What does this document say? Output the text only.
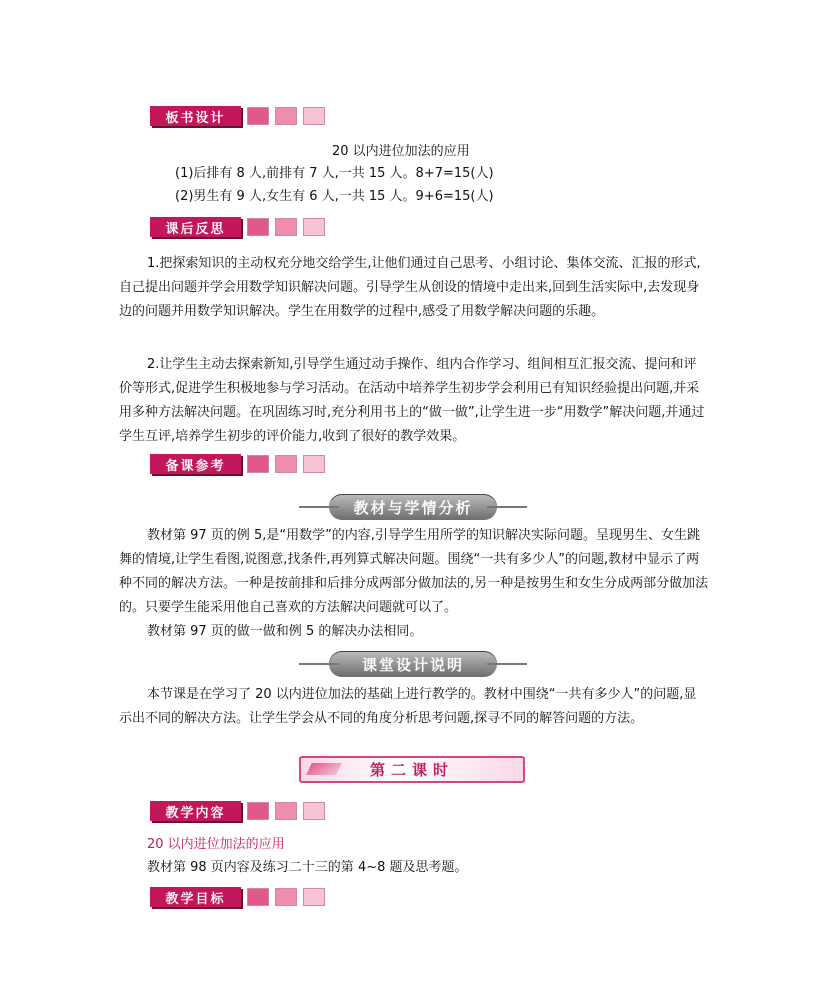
板书设计
20 以内进位加法的应用
(1)后排有 8 人,前排有 7 人,一共 15 人。8+7=15(人)
(2)男生有 9 人,女生有 6 人,一共 15 人。9+6=15(人)
课后反思
1.把探索知识的主动权充分地交给学生,让他们通过自己思考、小组讨论、集体交流、汇报的形式,自己提出问题并学会用数学知识解决问题。引导学生从创设的情境中走出来,回到生活实际中,去发现身边的问题并用数学知识解决。学生在用数学的过程中,感受了用数学解决问题的乐趣。
2.让学生主动去探索新知,引导学生通过动手操作、组内合作学习、组间相互汇报交流、提问和评价等形式,促进学生积极地参与学习活动。在活动中培养学生初步学会利用已有知识经验提出问题,并采用多种方法解决问题。在巩固练习时,充分利用书上的“做一做”,让学生进一步“用数学”解决问题,并通过学生互评,培养学生初步的评价能力,收到了很好的教学效果。
备课参考
教材与学情分析
教材第 97 页的例 5,是“用数学”的内容,引导学生用所学的知识解决实际问题。呈现男生、女生跳舞的情境,让学生看图,说图意,找条件,再列算式解决问题。围绕“一共有多少人”的问题,教材中显示了两种不同的解决方法。一种是按前排和后排分成两部分做加法的,另一种是按男生和女生分成两部分做加法的。只要学生能采用他自己喜欢的方法解决问题就可以了。
教材第 97 页的做一做和例 5 的解决办法相同。
课堂设计说明
本节课是在学习了 20 以内进位加法的基础上进行教学的。教材中围绕“一共有多少人”的问题,显示出不同的解决方法。让学生学会从不同的角度分析思考问题,探寻不同的解答问题的方法。
第二课时
教学内容
20 以内进位加法的应用
教材第 98 页内容及练习二十三的第 4~8 题及思考题。
教学目标
